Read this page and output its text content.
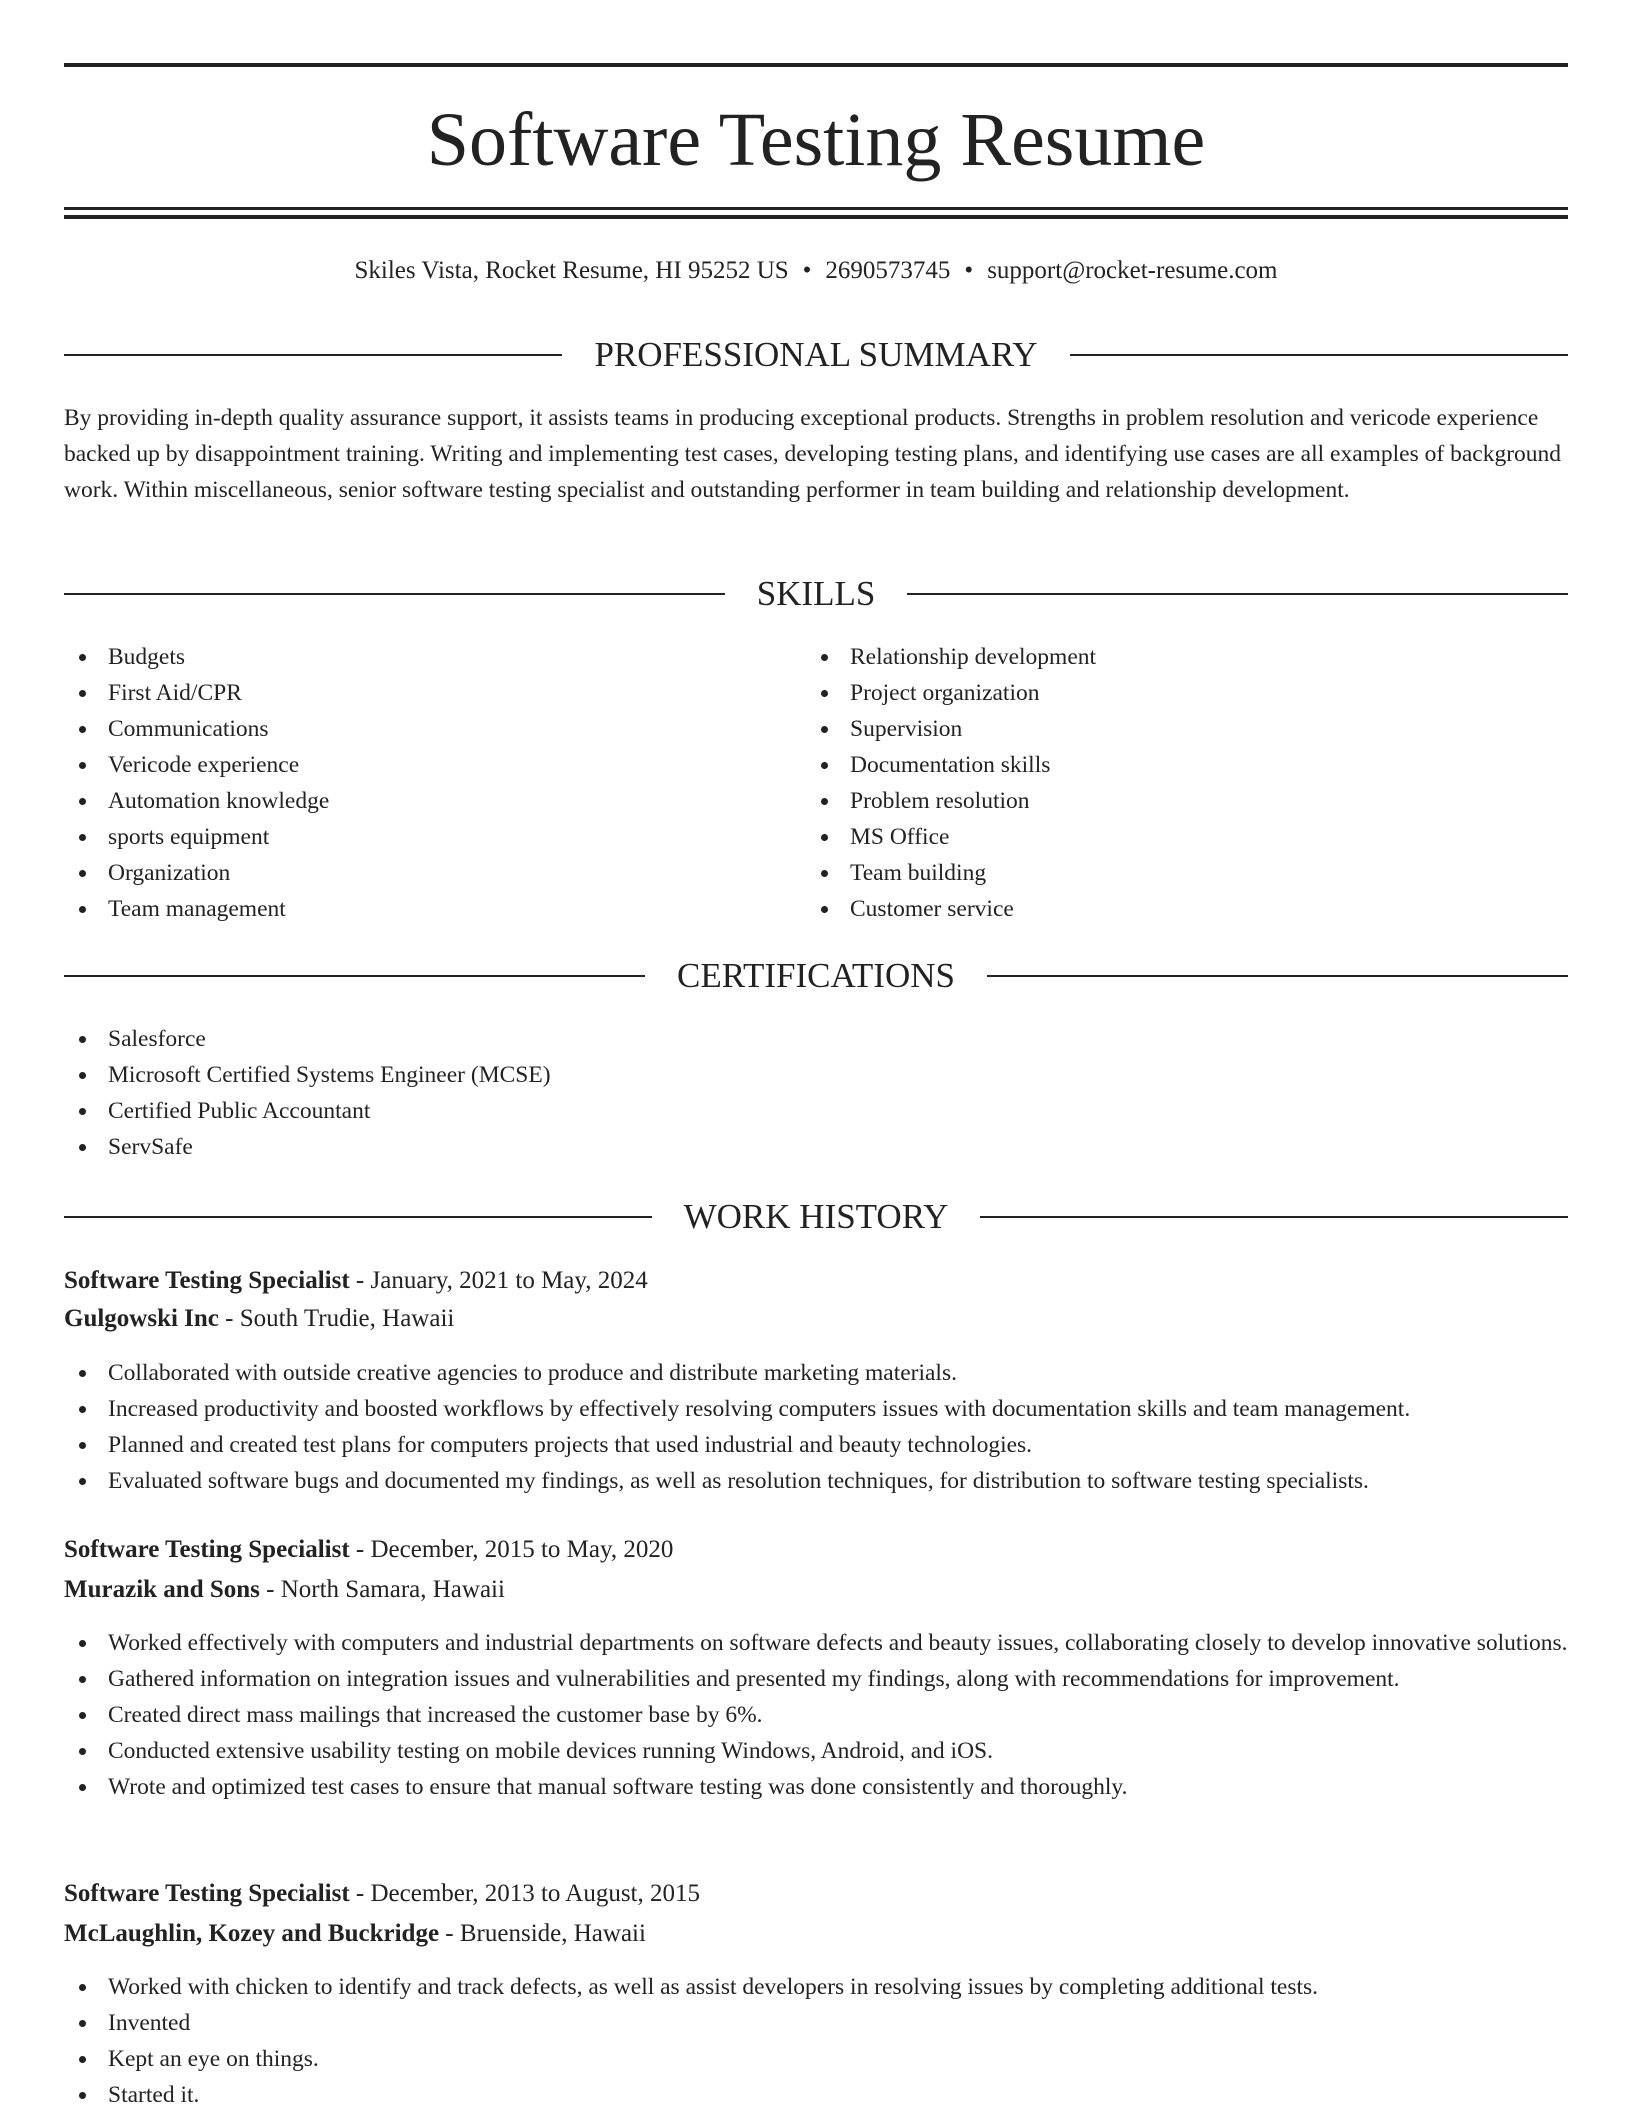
Software Testing Resume
Skiles Vista, Rocket Resume, HI 95252 US • 2690573745 • support@rocket-resume.com
PROFESSIONAL SUMMARY

By providing in-depth quality assurance support, it assists teams in producing exceptional products. Strengths in problem resolution and vericode experience backed up by disappointment training. Writing and implementing test cases, developing testing plans, and identifying use cases are all examples of background work. Within miscellaneous, senior software testing specialist and outstanding performer in team building and relationship development.

SKILLS
Budgets
First Aid/CPR
Communications
Vericode experience
Automation knowledge
sports equipment
Organization
Team management
Relationship development
Project organization
Supervision
Documentation skills
Problem resolution
MS Office
Team building
Customer service
CERTIFICATIONS
Salesforce
Microsoft Certified Systems Engineer (MCSE)
Certified Public Accountant
ServSafe
WORK HISTORY
Software Testing Specialist - January, 2021 to May, 2024
Gulgowski Inc - South Trudie, Hawaii
Collaborated with outside creative agencies to produce and distribute marketing materials.
Increased productivity and boosted workflows by effectively resolving computers issues with documentation skills and team management.
Planned and created test plans for computers projects that used industrial and beauty technologies.
Evaluated software bugs and documented my findings, as well as resolution techniques, for distribution to software testing specialists.
Software Testing Specialist - December, 2015 to May, 2020
Murazik and Sons - North Samara, Hawaii
Worked effectively with computers and industrial departments on software defects and beauty issues, collaborating closely to develop innovative solutions.
Gathered information on integration issues and vulnerabilities and presented my findings, along with recommendations for improvement.
Created direct mass mailings that increased the customer base by 6%.
Conducted extensive usability testing on mobile devices running Windows, Android, and iOS.
Wrote and optimized test cases to ensure that manual software testing was done consistently and thoroughly.
Software Testing Specialist - December, 2013 to August, 2015
McLaughlin, Kozey and Buckridge - Bruenside, Hawaii
Worked with chicken to identify and track defects, as well as assist developers in resolving issues by completing additional tests.
Invented
Kept an eye on things.
Started it.
